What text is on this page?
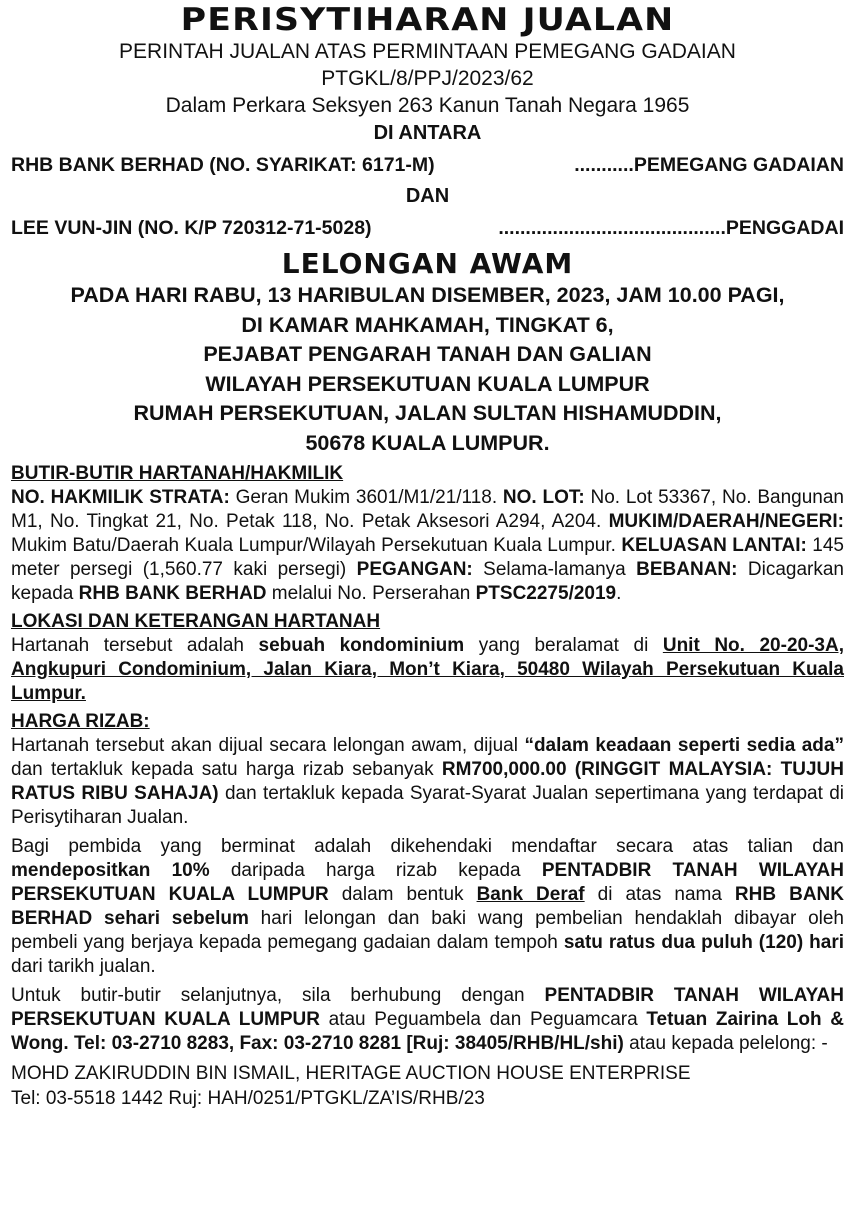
PERISYTIHARAN JUALAN
PERINTAH JUALAN ATAS PERMINTAAN PEMEGANG GADAIAN
PTGKL/8/PPJ/2023/62
Dalam Perkara Seksyen 263 Kanun Tanah Negara 1965
DI ANTARA
RHB BANK BERHAD (NO. SYARIKAT: 6171-M)	...........PEMEGANG GADAIAN
DAN
LEE VUN-JIN (NO. K/P 720312-71-5028)	..........................................PENGGADAI
LELONGAN AWAM
PADA HARI RABU, 13 HARIBULAN DISEMBER, 2023, JAM 10.00 PAGI,
DI KAMAR MAHKAMAH, TINGKAT 6,
PEJABAT PENGARAH TANAH DAN GALIAN
WILAYAH PERSEKUTUAN KUALA LUMPUR
RUMAH PERSEKUTUAN, JALAN SULTAN HISHAMUDDIN,
50678 KUALA LUMPUR.
BUTIR-BUTIR HARTANAH/HAKMILIK
NO. HAKMILIK STRATA: Geran Mukim 3601/M1/21/118. NO. LOT: No. Lot 53367, No. Bangunan M1, No. Tingkat 21, No. Petak 118, No. Petak Aksesori A294, A204. MUKIM/DAERAH/NEGERI: Mukim Batu/Daerah Kuala Lumpur/Wilayah Persekutuan Kuala Lumpur. KELUASAN LANTAI: 145 meter persegi (1,560.77 kaki persegi) PEGANGAN: Selama-lamanya BEBANAN: Dicagarkan kepada RHB BANK BERHAD melalui No. Perserahan PTSC2275/2019.
LOKASI DAN KETERANGAN HARTANAH
Hartanah tersebut adalah sebuah kondominium yang beralamat di Unit No. 20-20-3A, Angkupuri Condominium, Jalan Kiara, Mon’t Kiara, 50480 Wilayah Persekutuan Kuala Lumpur.
HARGA RIZAB:
Hartanah tersebut akan dijual secara lelongan awam, dijual “dalam keadaan seperti sedia ada” dan tertakluk kepada satu harga rizab sebanyak RM700,000.00 (RINGGIT MALAYSIA: TUJUH RATUS RIBU SAHAJA) dan tertakluk kepada Syarat-Syarat Jualan sepertimana yang terdapat di Perisytiharan Jualan.
Bagi pembida yang berminat adalah dikehendaki mendaftar secara atas talian dan mendepositkan 10% daripada harga rizab kepada PENTADBIR TANAH WILAYAH PERSEKUTUAN KUALA LUMPUR dalam bentuk Bank Deraf di atas nama RHB BANK BERHAD sehari sebelum hari lelongan dan baki wang pembelian hendaklah dibayar oleh pembeli yang berjaya kepada pemegang gadaian dalam tempoh satu ratus dua puluh (120) hari dari tarikh jualan.
Untuk butir-butir selanjutnya, sila berhubung dengan PENTADBIR TANAH WILAYAH PERSEKUTUAN KUALA LUMPUR atau Peguambela dan Peguamcara Tetuan Zairina Loh & Wong. Tel: 03-2710 8283, Fax: 03-2710 8281 [Ruj: 38405/RHB/HL/shi) atau kepada pelelong: -
MOHD ZAKIRUDDIN BIN ISMAIL, HERITAGE AUCTION HOUSE ENTERPRISE
Tel: 03-5518 1442 Ruj: HAH/0251/PTGKL/ZA’IS/RHB/23
